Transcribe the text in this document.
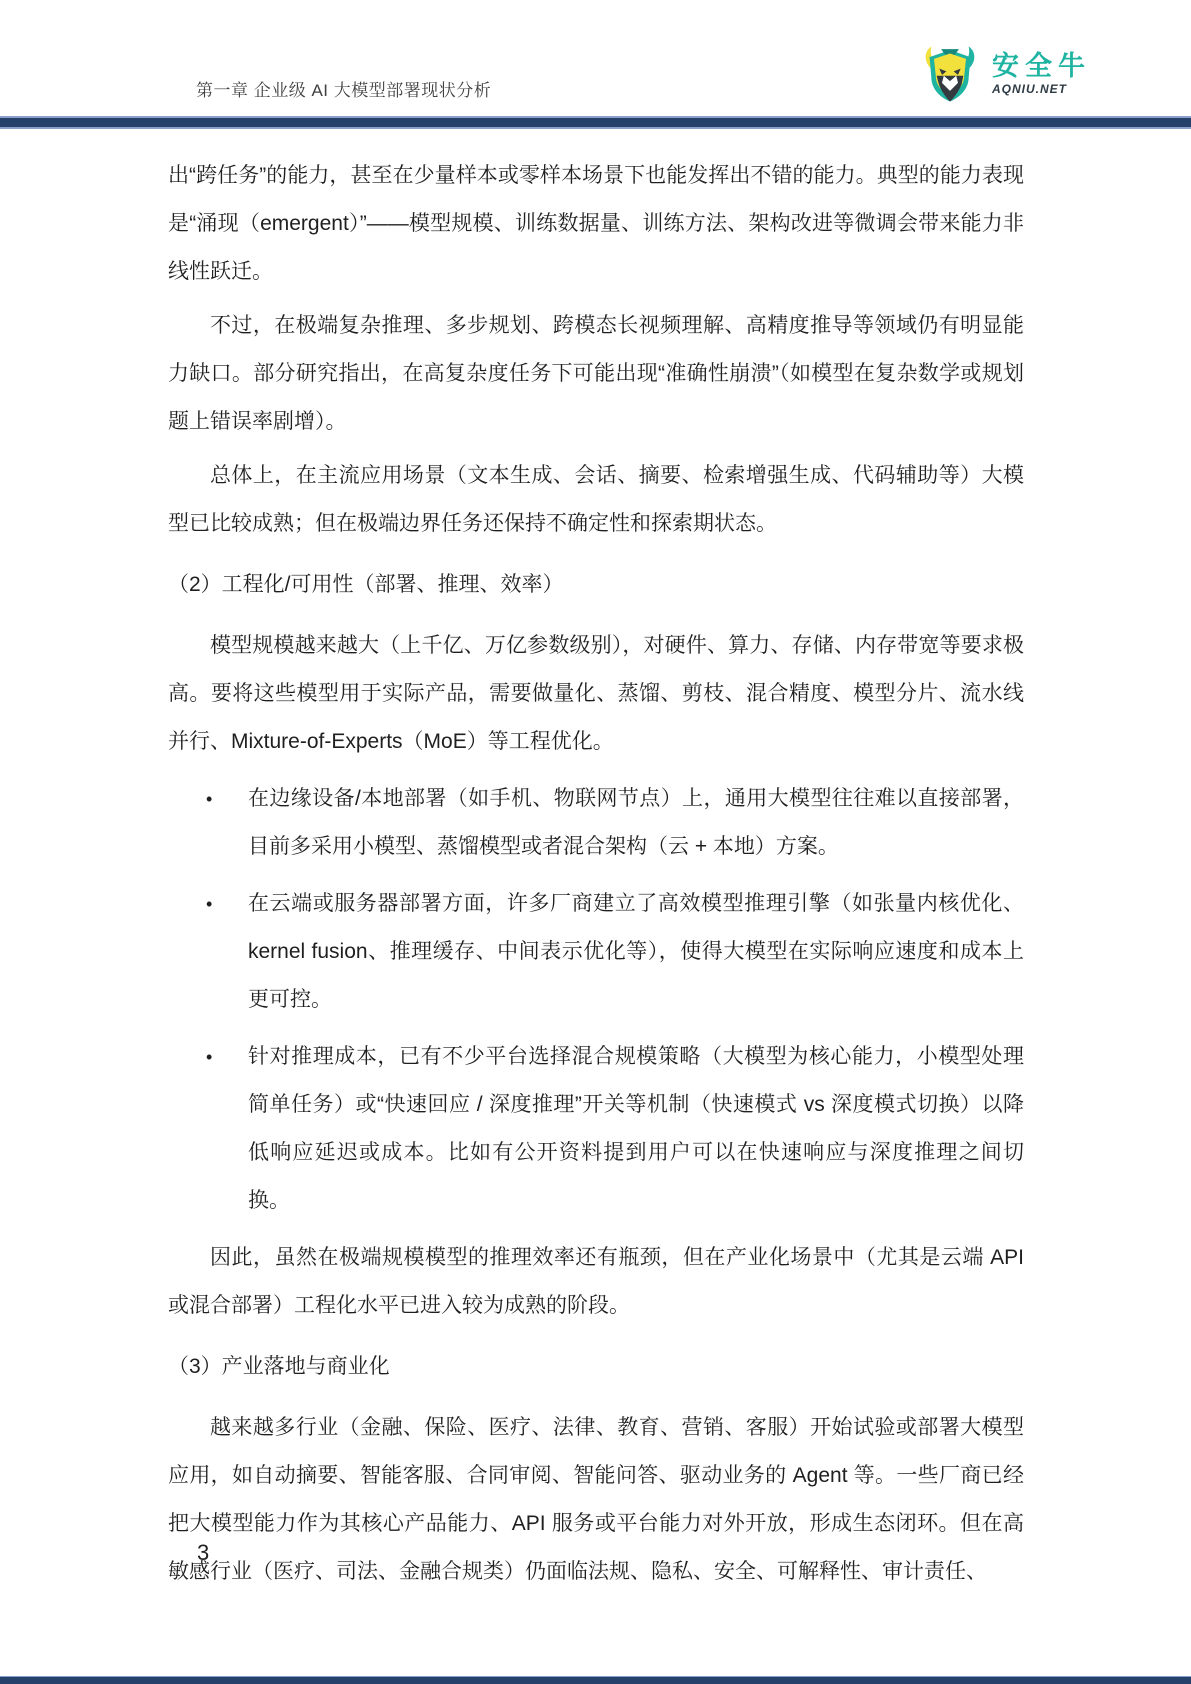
第一章 企业级 AI 大模型部署现状分析
安全牛
AQNIU.NET

出“跨任务”的能力，甚至在少量样本或零样本场景下也能发挥出不错的能力。典型的能力表现是“涌现（emergent）”——模型规模、训练数据量、训练方法、架构改进等微调会带来能力非线性跃迁。

不过，在极端复杂推理、多步规划、跨模态长视频理解、高精度推导等领域仍有明显能力缺口。部分研究指出，在高复杂度任务下可能出现“准确性崩溃”（如模型在复杂数学或规划题上错误率剧增）。

总体上，在主流应用场景（文本生成、会话、摘要、检索增强生成、代码辅助等）大模型已比较成熟；但在极端边界任务还保持不确定性和探索期状态。

（2）工程化/可用性（部署、推理、效率）

模型规模越来越大（上千亿、万亿参数级别），对硬件、算力、存储、内存带宽等要求极高。要将这些模型用于实际产品，需要做量化、蒸馏、剪枝、混合精度、模型分片、流水线并行、Mixture-of-Experts（MoE）等工程优化。

• 在边缘设备/本地部署（如手机、物联网节点）上，通用大模型往往难以直接部署，目前多采用小模型、蒸馏模型或者混合架构（云 + 本地）方案。
• 在云端或服务器部署方面，许多厂商建立了高效模型推理引擎（如张量内核优化、kernel fusion、推理缓存、中间表示优化等），使得大模型在实际响应速度和成本上更可控。
• 针对推理成本，已有不少平台选择混合规模策略（大模型为核心能力，小模型处理简单任务）或“快速回应 / 深度推理”开关等机制（快速模式 vs 深度模式切换）以降低响应延迟或成本。比如有公开资料提到用户可以在快速响应与深度推理之间切换。

因此，虽然在极端规模模型的推理效率还有瓶颈，但在产业化场景中（尤其是云端 API 或混合部署）工程化水平已进入较为成熟的阶段。

（3）产业落地与商业化

越来越多行业（金融、保险、医疗、法律、教育、营销、客服）开始试验或部署大模型应用，如自动摘要、智能客服、合同审阅、智能问答、驱动业务的 Agent 等。一些厂商已经把大模型能力作为其核心产品能力、API 服务或平台能力对外开放，形成生态闭环。但在高敏感行业（医疗、司法、金融合规类）仍面临法规、隐私、安全、可解释性、审计责任、

3
